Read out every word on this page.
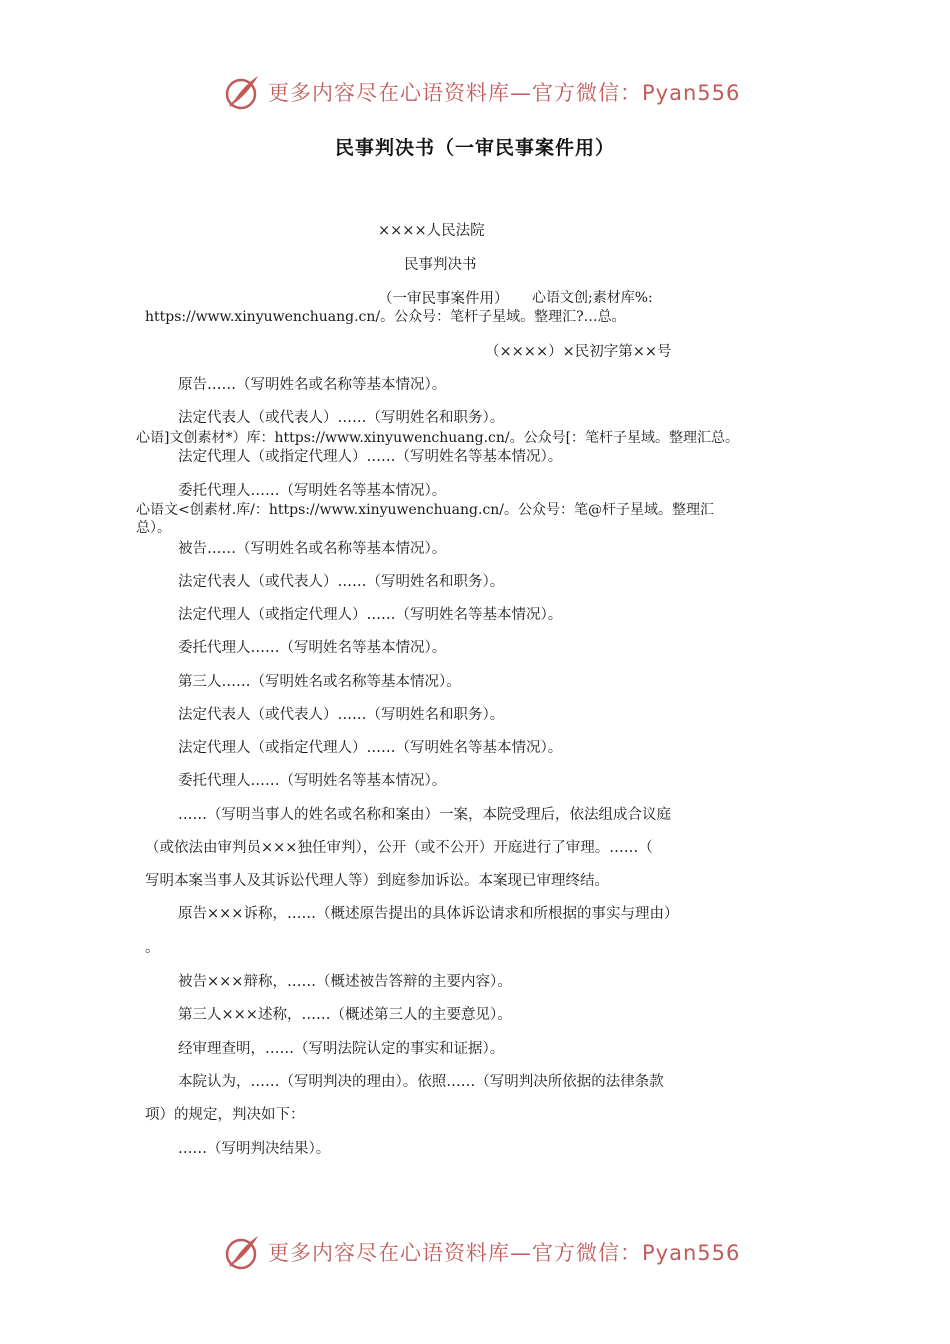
更多内容尽在心语资料库—官方微信：Pyan556
民事判决书（一审民事案件用）
××××人民法院
民事判决书
（一审民事案件用） 心语文创;素材库%:
https://www.xinyuwenchuang.cn/。公众号：笔杆子星域。整理汇?…总。
（××××）×民初字第××号
原告……（写明姓名或名称等基本情况）。
法定代表人（或代表人）……（写明姓名和职务）。
心语]文创素材*）库：https://www.xinyuwenchuang.cn/。公众号[：笔杆子星域。整理汇总。
法定代理人（或指定代理人）……（写明姓名等基本情况）。
委托代理人……（写明姓名等基本情况）。
心语文<创素材.库/：https://www.xinyuwenchuang.cn/。公众号：笔@杆子星域。整理汇
总）。
被告……（写明姓名或名称等基本情况）。
法定代表人（或代表人）……（写明姓名和职务）。
法定代理人（或指定代理人）……（写明姓名等基本情况）。
委托代理人……（写明姓名等基本情况）。
第三人……（写明姓名或名称等基本情况）。
法定代表人（或代表人）……（写明姓名和职务）。
法定代理人（或指定代理人）……（写明姓名等基本情况）。
委托代理人……（写明姓名等基本情况）。
……（写明当事人的姓名或名称和案由）一案，本院受理后，依法组成合议庭
（或依法由审判员×××独任审判），公开（或不公开）开庭进行了审理。……（
写明本案当事人及其诉讼代理人等）到庭参加诉讼。本案现已审理终结。
原告×××诉称，……（概述原告提出的具体诉讼请求和所根据的事实与理由）
。
被告×××辩称，……（概述被告答辩的主要内容）。
第三人×××述称，……（概述第三人的主要意见）。
经审理查明，……（写明法院认定的事实和证据）。
本院认为，……（写明判决的理由）。依照……（写明判决所依据的法律条款
项）的规定，判决如下：
……（写明判决结果）。
更多内容尽在心语资料库—官方微信：Pyan556
